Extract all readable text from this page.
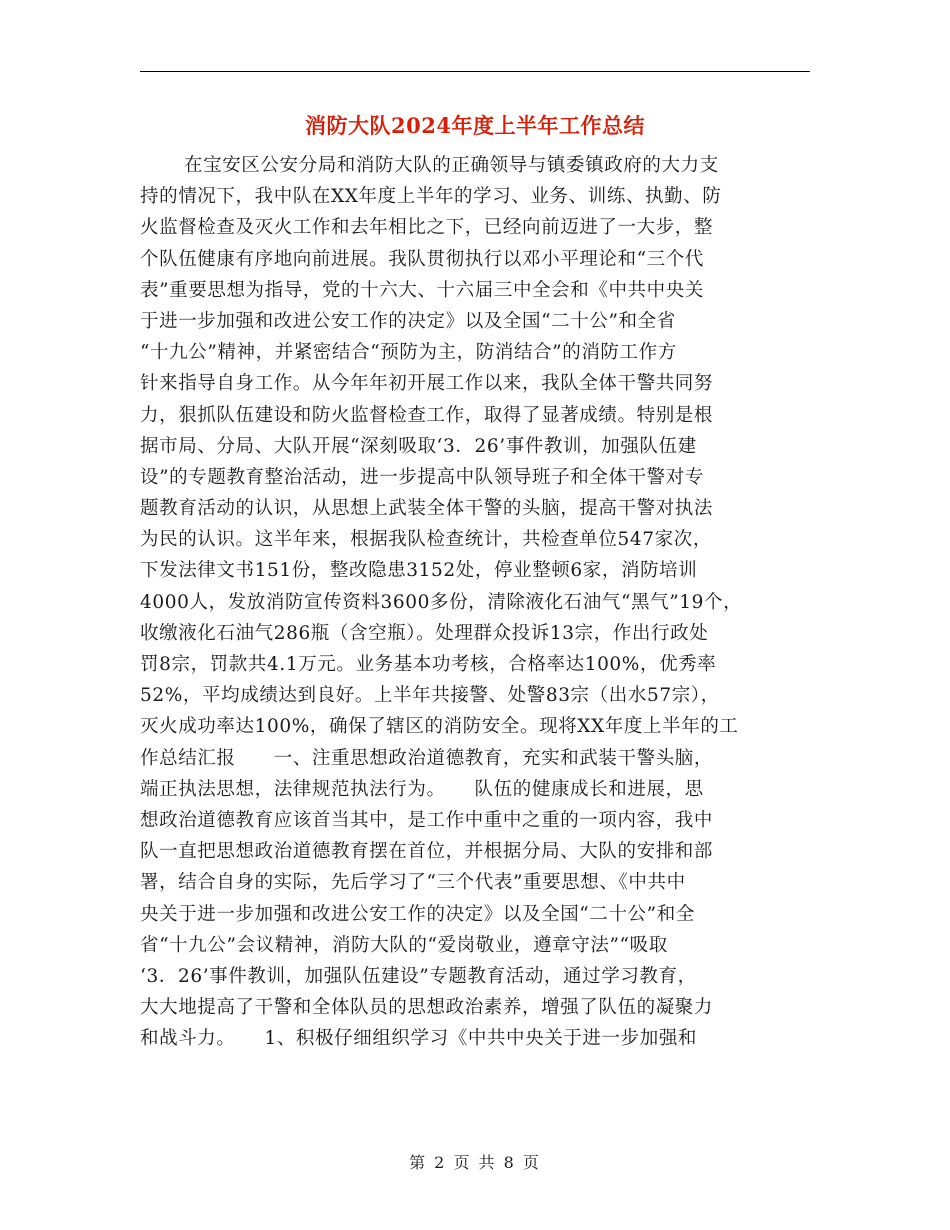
消防大队2024年度上半年工作总结
在宝安区公安分局和消防大队的正确领导与镇委镇政府的大力支
持的情况下，我中队在XX年度上半年的学习、业务、训练、执勤、防
火监督检查及灭火工作和去年相比之下，已经向前迈进了一大步，整
个队伍健康有序地向前进展。我队贯彻执行以邓小平理论和“三个代
表”重要思想为指导，党的十六大、十六届三中全会和《中共中央关
于进一步加强和改进公安工作的决定》以及全国“二十公”和全省
“十九公”精神，并紧密结合“预防为主，防消结合”的消防工作方
针来指导自身工作。从今年年初开展工作以来，我队全体干警共同努
力，狠抓队伍建设和防火监督检查工作，取得了显著成绩。特别是根
据市局、分局、大队开展“深刻吸取‘3．26’事件教训，加强队伍建
设”的专题教育整治活动，进一步提高中队领导班子和全体干警对专
题教育活动的认识，从思想上武装全体干警的头脑，提高干警对执法
为民的认识。这半年来，根据我队检查统计，共检查单位547家次，
下发法律文书151份，整改隐患3152处，停业整顿6家，消防培训
4000人，发放消防宣传资料3600多份，清除液化石油气“黑气”19个，
收缴液化石油气286瓶（含空瓶）。处理群众投诉13宗，作出行政处
罚8宗，罚款共4.1万元。业务基本功考核，合格率达100%，优秀率
52%，平均成绩达到良好。上半年共接警、处警83宗（出水57宗），
灭火成功率达100%，确保了辖区的消防安全。现将XX年度上半年的工
作总结汇报　　一、注重思想政治道德教育，充实和武装干警头脑，
端正执法思想，法律规范执法行为。　　队伍的健康成长和进展，思
想政治道德教育应该首当其中，是工作中重中之重的一项内容，我中
队一直把思想政治道德教育摆在首位，并根据分局、大队的安排和部
署，结合自身的实际，先后学习了“三个代表”重要思想、《中共中
央关于进一步加强和改进公安工作的决定》以及全国“二十公”和全
省“十九公”会议精神，消防大队的“爱岗敬业，遵章守法”“吸取
‘3．26’事件教训，加强队伍建设”专题教育活动，通过学习教育，
大大地提高了干警和全体队员的思想政治素养，增强了队伍的凝聚力
和战斗力。　　1、积极仔细组织学习《中共中央关于进一步加强和
第 2 页 共 8 页
